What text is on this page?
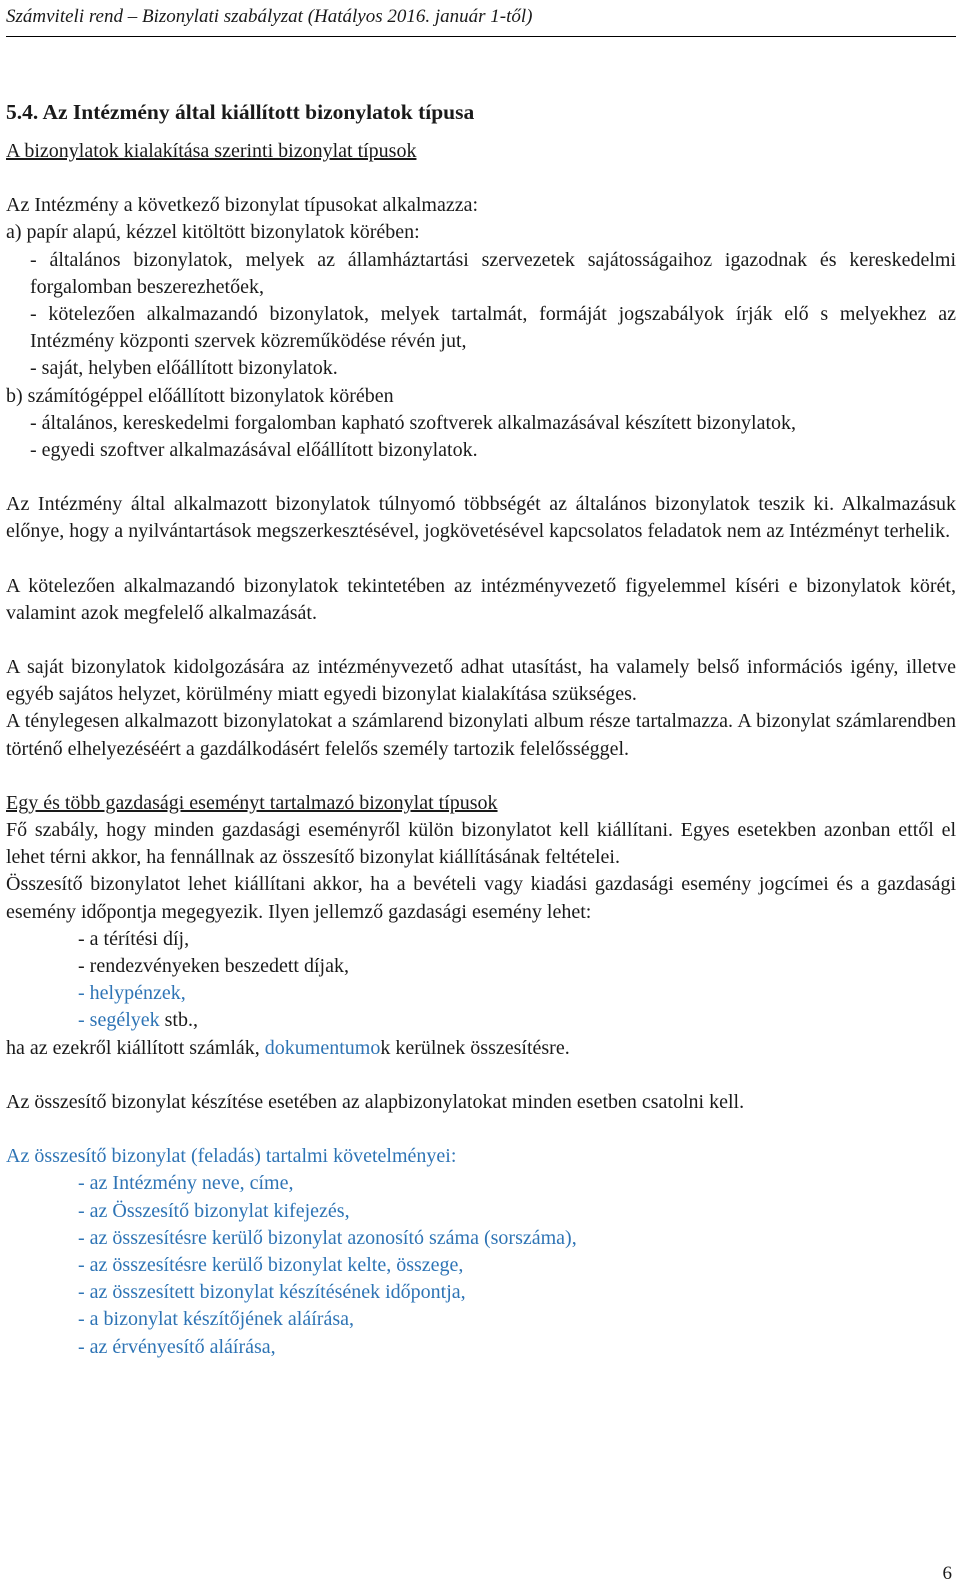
Számviteli rend – Bizonylati szabályzat (Hatályos 2016. január 1-től)

5.4. Az Intézmény által kiállított bizonylatok típusa

A bizonylatok kialakítása szerinti bizonylat típusok

Az Intézmény a következő bizonylat típusokat alkalmazza:

a) papír alapú, kézzel kitöltött bizonylatok körében:

- általános bizonylatok, melyek az államháztartási szervezetek sajátosságaihoz igazodnak és kereskedelmi forgalomban beszerezhetőek,

- kötelezően alkalmazandó bizonylatok, melyek tartalmát, formáját jogszabályok írják elő s melyekhez az Intézmény központi szervek közreműködése révén jut,

- saját, helyben előállított bizonylatok.

b) számítógéppel előállított bizonylatok körében

- általános, kereskedelmi forgalomban kapható szoftverek alkalmazásával készített bizonylatok,

- egyedi szoftver alkalmazásával előállított bizonylatok.

Az Intézmény által alkalmazott bizonylatok túlnyomó többségét az általános bizonylatok teszik ki. Alkalmazásuk előnye, hogy a nyilvántartások megszerkesztésével, jogkövetésével kapcsolatos feladatok nem az Intézményt terhelik.

A kötelezően alkalmazandó bizonylatok tekintetében az intézményvezető figyelemmel kíséri e bizonylatok körét, valamint azok megfelelő alkalmazását.

A saját bizonylatok kidolgozására az intézményvezető adhat utasítást, ha valamely belső információs igény, illetve egyéb sajátos helyzet, körülmény miatt egyedi bizonylat kialakítása szükséges.

A ténylegesen alkalmazott bizonylatokat a számlarend bizonylati album része tartalmazza. A bizonylat számlarendben történő elhelyezéséért a gazdálkodásért felelős személy tartozik felelősséggel.

Egy és több gazdasági eseményt tartalmazó bizonylat típusok

Fő szabály, hogy minden gazdasági eseményről külön bizonylatot kell kiállítani. Egyes esetekben azonban ettől el lehet térni akkor, ha fennállnak az összesítő bizonylat kiállításának feltételei.

Összesítő bizonylatot lehet kiállítani akkor, ha a bevételi vagy kiadási gazdasági esemény jogcímei és a gazdasági esemény időpontja megegyezik. Ilyen jellemző gazdasági esemény lehet:

- a térítési díj,

- rendezvényeken beszedett díjak,

- helypénzek,

- segélyek stb.,

ha az ezekről kiállított számlák, dokumentumok kerülnek összesítésre.

Az összesítő bizonylat készítése esetében az alapbizonylatokat minden esetben csatolni kell.

Az összesítő bizonylat (feladás) tartalmi követelményei:

- az Intézmény neve, címe,

- az Összesítő bizonylat kifejezés,

- az összesítésre kerülő bizonylat azonosító száma (sorszáma),

- az összesítésre kerülő bizonylat kelte, összege,

- az összesített bizonylat készítésének időpontja,

- a bizonylat készítőjének aláírása,

- az érvényesítő aláírása,

6
